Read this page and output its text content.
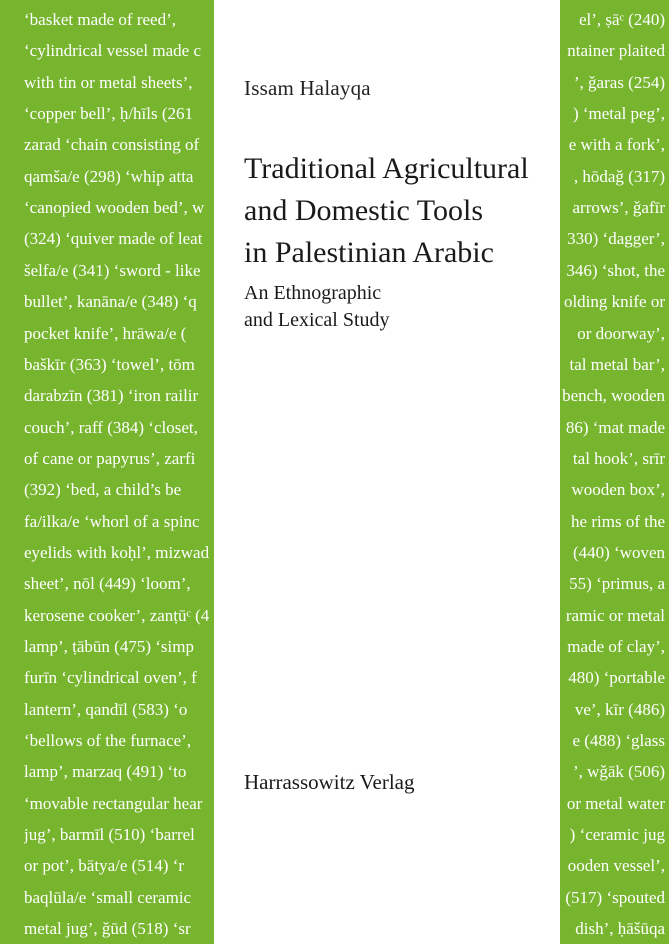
‘basket made of reed’,	el’, ṣāᶜ (240)
‘cylindrical vessel made c	ntainer plaited
with tin or metal sheets’,	’, ǧaras (254)
‘copper bell’, ḥ/hīls (261	) ‘metal peg’,
zarad ‘chain consisting of	e with a fork’,
qamša/e (298) ‘whip atta	, hōdaǧ (317)
‘canopied wooden bed’, w	arrows’, ǧafīr
(324) ‘quiver made of leat	330) ‘dagger’,
šelfa/e (341) ‘sword - like	346) ‘shot, the
bullet’, kanāna/e (348) ‘q	olding knife or
pocket knife’, hrāwa/e (	or doorway’,
baškīr (363) ‘towel’, tōm	tal metal bar’,
darabzīn (381) ‘iron railir	bench, wooden
couch’, raff (384) ‘closet,	86) ‘mat made
of cane or papyrus’, zarfi	tal hook’, srīr
(392) ‘bed, a child’s be	wooden box’,
fa/ilka/e ‘whorl of a spinc	he rims of the
eyelids with koḥl’, mizwad	(440) ‘woven
sheet’, nōl (449) ‘loom’,	55) ‘primus, a
kerosene cooker’, zanṭūᶜ (4	ramic or metal
lamp’, ṭābūn (475) ‘simp	made of clay’,
furīn ‘cylindrical oven’, f	480) ‘portable
lantern’, qandīl (583) ‘o	ve’, kīr (486)
‘bellows of the furnace’,	e (488) ‘glass
lamp’, marzaq (491) ‘to	’, wǧāk (506)
‘movable rectangular hear	or metal water
jug’, barmīl (510) ‘barrel	) ‘ceramic jug
or pot’, bātya/e (514) ‘r	ooden vessel’,
baqlūla/e ‘small ceramic	(517) ‘spouted
metal jug’, ǧūd (518) ‘sr	dish’, ḥāšūqa
Issam Halayqa
Traditional Agricultural
and Domestic Tools
in Palestinian Arabic
An Ethnographic
and Lexical Study
Harrassowitz Verlag
